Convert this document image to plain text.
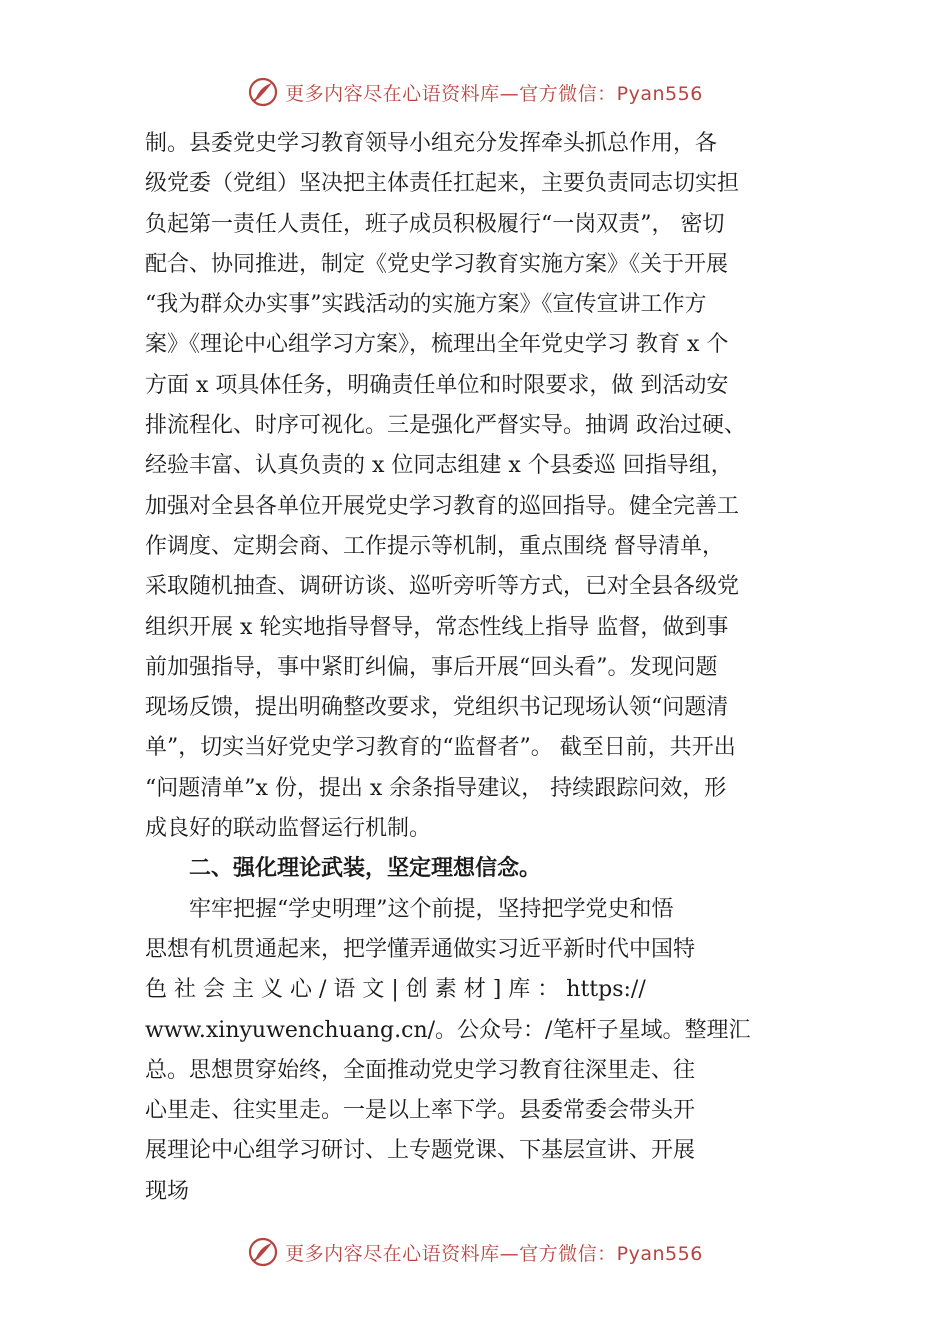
更多内容尽在心语资料库—官方微信：Pyan556
制。县委党史学习教育领导小组充分发挥牵头抓总作用，各
级党委（党组）坚决把主体责任扛起来，主要负责同志切实担
负起第一责任人责任，班子成员积极履行“一岗双责”， 密切
配合、协同推进，制定《党史学习教育实施方案》《关于开展
“我为群众办实事”实践活动的实施方案》《宣传宣讲工作方
案》《理论中心组学习方案》，梳理出全年党史学习 教育 x 个
方面 x 项具体任务，明确责任单位和时限要求，做 到活动安
排流程化、时序可视化。三是强化严督实导。抽调 政治过硬、
经验丰富、认真负责的 x 位同志组建 x 个县委巡 回指导组，
加强对全县各单位开展党史学习教育的巡回指导。健全完善工
作调度、定期会商、工作提示等机制，重点围绕 督导清单，
采取随机抽查、调研访谈、巡听旁听等方式，已对全县各级党
组织开展 x 轮实地指导督导，常态性线上指导 监督，做到事
前加强指导，事中紧盯纠偏，事后开展“回头看”。发现问题
现场反馈，提出明确整改要求，党组织书记现场认领“问题清
单”，切实当好党史学习教育的“监督者”。 截至日前，共开出
“问题清单”x 份，提出 x 余条指导建议， 持续跟踪问效，形
成良好的联动监督运行机制。
二、强化理论武装，坚定理想信念。
牢牢把握“学史明理”这个前提，坚持把学党史和悟
思想有机贯通起来，把学懂弄通做实习近平新时代中国特
色 社 会 主 义 心 / 语 文 | 创 素 材 ] 库 ： https://
www.xinyuwenchuang.cn/。公众号：/笔杆子星域。整理汇
总。思想贯穿始终，全面推动党史学习教育往深里走、往
心里走、往实里走。一是以上率下学。县委常委会带头开
展理论中心组学习研讨、上专题党课、下基层宣讲、开展
现场
更多内容尽在心语资料库—官方微信：Pyan556
